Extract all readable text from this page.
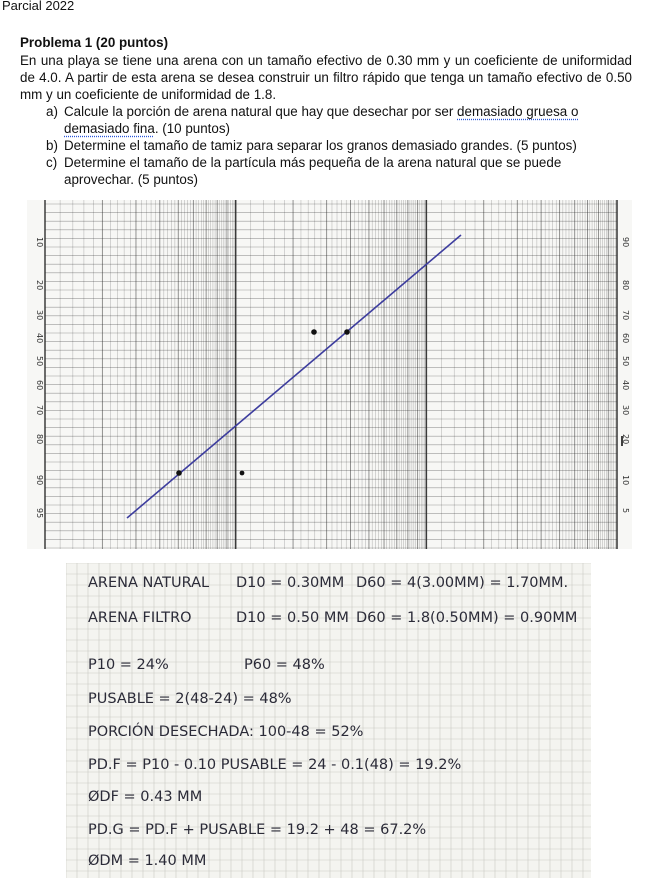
Parcial 2022
Problema 1 (20 puntos)
En una playa se tiene una arena con un tamaño efectivo de 0.30 mm y un coeficiente de uniformidad de 4.0. A partir de esta arena se desea construir un filtro rápido que tenga un tamaño efectivo de 0.50 mm y un coeficiente de uniformidad de 1.8.
a) Calcule la porción de arena natural que hay que desechar por ser demasiado gruesa o demasiado fina. (10 puntos)
b) Determine el tamaño de tamiz para separar los granos demasiado grandes. (5 puntos)
c) Determine el tamaño de la partícula más pequeña de la arena natural que se puede aprovechar. (5 puntos)
10
20
30
40
50
60
70
80
90
95
90
80
70
60
50
40
30
20
10
5
ARENA NATURAL D10 = 0.30MM D60 = 4(3.00MM) = 1.70MM.
ARENA FILTRO	D10 = 0.50 MM D60 = 1.8(0.50MM) = 0.90MM
P10 = 24%	P60 = 48%
PUSABLE = 2(48-24) = 48%
PORCIÓN DESECHADA: 100-48 = 52%
PD.F = P10 - 0.10 PUSABLE = 24 - 0.1(48) = 19.2%
ØDF = 0.43 MM
PD.G = PD.F + PUSABLE = 19.2 + 48 = 67.2%
ØDM = 1.40 MM
